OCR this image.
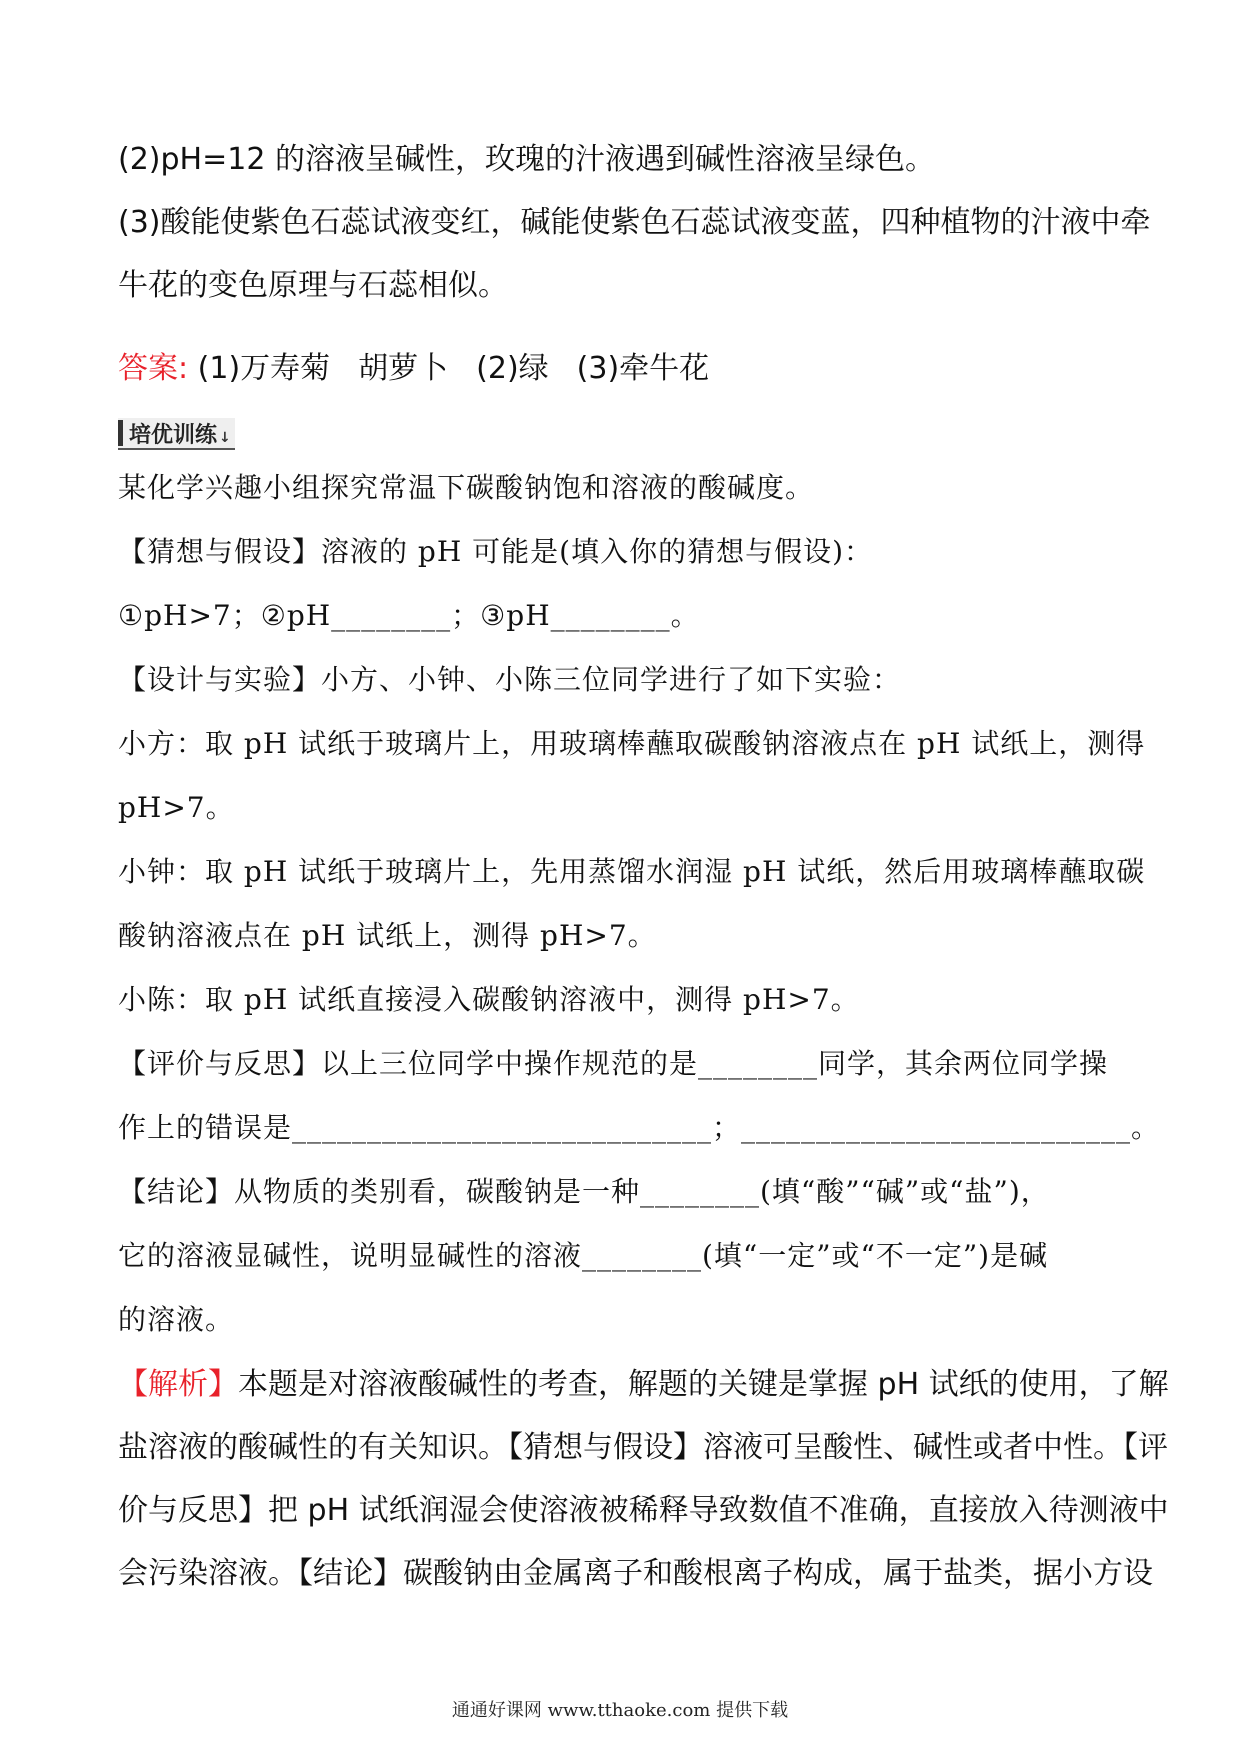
(2)pH=12 的溶液呈碱性，玫瑰的汁液遇到碱性溶液呈绿色。
(3)酸能使紫色石蕊试液变红，碱能使紫色石蕊试液变蓝，四种植物的汁液中牵
牛花的变色原理与石蕊相似。
答案: (1)万寿菊 胡萝卜 (2)绿 (3)牵牛花
培优训练 ↓
某化学兴趣小组探究常温下碳酸钠饱和溶液的酸碱度。
【猜想与假设】溶液的 pH 可能是(填入你的猜想与假设)：
①pH>7；②pH________；③pH________。
【设计与实验】小方、小钟、小陈三位同学进行了如下实验：
小方：取 pH 试纸于玻璃片上，用玻璃棒蘸取碳酸钠溶液点在 pH 试纸上，测得
pH>7。
小钟：取 pH 试纸于玻璃片上，先用蒸馏水润湿 pH 试纸，然后用玻璃棒蘸取碳
酸钠溶液点在 pH 试纸上，测得 pH>7。
小陈：取 pH 试纸直接浸入碳酸钠溶液中，测得 pH>7。
【评价与反思】以上三位同学中操作规范的是________同学，其余两位同学操
作上的错误是____________________________；__________________________。
【结论】从物质的类别看，碳酸钠是一种________(填“酸”“碱”或“盐”)，
它的溶液显碱性，说明显碱性的溶液________(填“一定”或“不一定”)是碱
的溶液。
【解析】本题是对溶液酸碱性的考查，解题的关键是掌握 pH 试纸的使用，了解
盐溶液的酸碱性的有关知识。【猜想与假设】溶液可呈酸性、碱性或者中性。【评
价与反思】把 pH 试纸润湿会使溶液被稀释导致数值不准确，直接放入待测液中
会污染溶液。【结论】碳酸钠由金属离子和酸根离子构成，属于盐类，据小方设
通通好课网 www.tthaoke.com 提供下载
